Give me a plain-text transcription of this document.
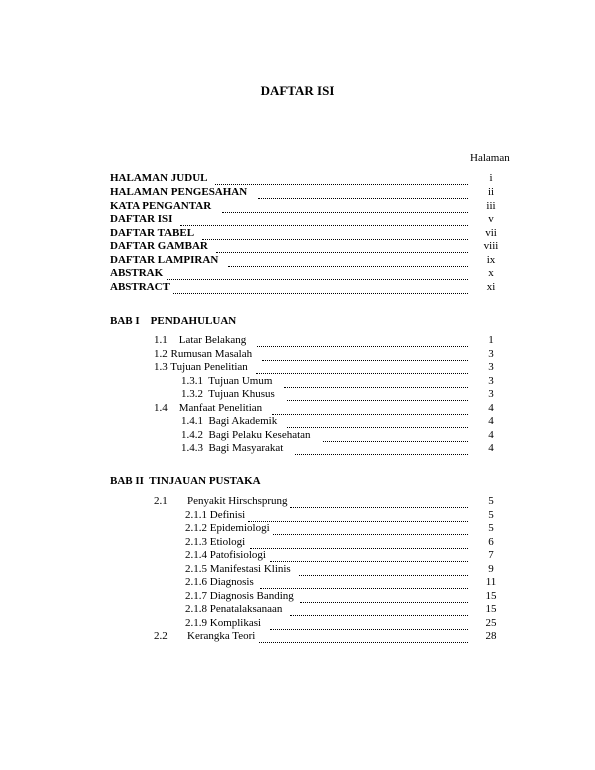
DAFTAR ISI
Halaman
HALAMAN JUDUL	i
HALAMAN PENGESAHAN	ii
KATA PENGANTAR	iii
DAFTAR ISI	v
DAFTAR TABEL	vii
DAFTAR GAMBAR	viii
DAFTAR LAMPIRAN	ix
ABSTRAK	x
ABSTRACT	xi
BAB I    PENDAHULUAN
1.1    Latar Belakang	1
1.2 Rumusan Masalah	3
1.3 Tujuan Penelitian	3
1.3.1  Tujuan Umum	3
1.3.2  Tujuan Khusus	3
1.4    Manfaat Penelitian	4
1.4.1  Bagi Akademik	4
1.4.2  Bagi Pelaku Kesehatan	4
1.4.3  Bagi Masyarakat	4
BAB II  TINJAUAN PUSTAKA
2.1       Penyakit Hirschsprung	5
2.1.1 Definisi	5
2.1.2 Epidemiologi	5
2.1.3 Etiologi	6
2.1.4 Patofisiologi	7
2.1.5 Manifestasi Klinis	9
2.1.6 Diagnosis	11
2.1.7 Diagnosis Banding	15
2.1.8 Penatalaksanaan	15
2.1.9 Komplikasi	25
2.2       Kerangka Teori	28
